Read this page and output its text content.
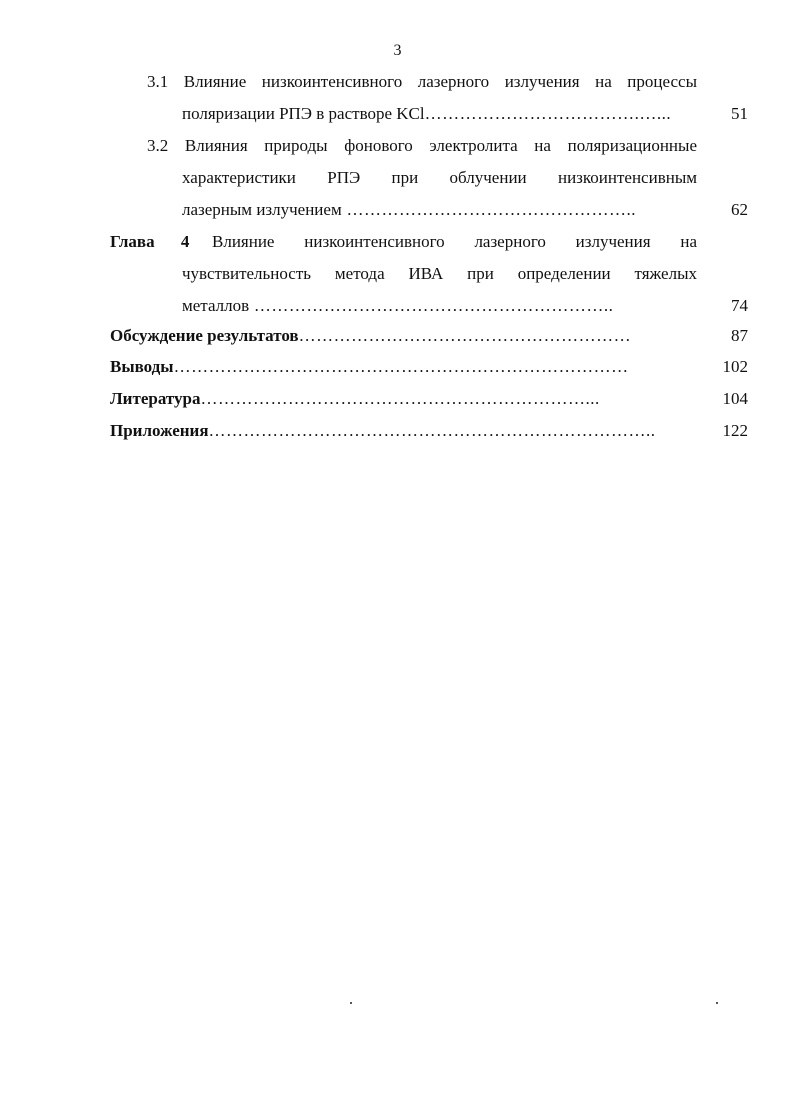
3
3.1 Влияние низкоинтенсивного лазерного излучения на процессы
поляризации РПЭ в растворе KCl……………………………….…...	51
3.2 Влияния природы фонового электролита на поляризационные
характеристики РПЭ при облучении низкоинтенсивным
лазерным излучением …………………………………………..	62
Глава 4 Влияние низкоинтенсивного лазерного излучения на
чувствительность метода ИВА при определении тяжелых
металлов ……………………………………………………..	74
Обсуждение результатов…………………………………………………	87
Выводы……………………………………………………………………	102
Литература…………………………………………………………...	104
Приложения…………………………………………………………………..	122
